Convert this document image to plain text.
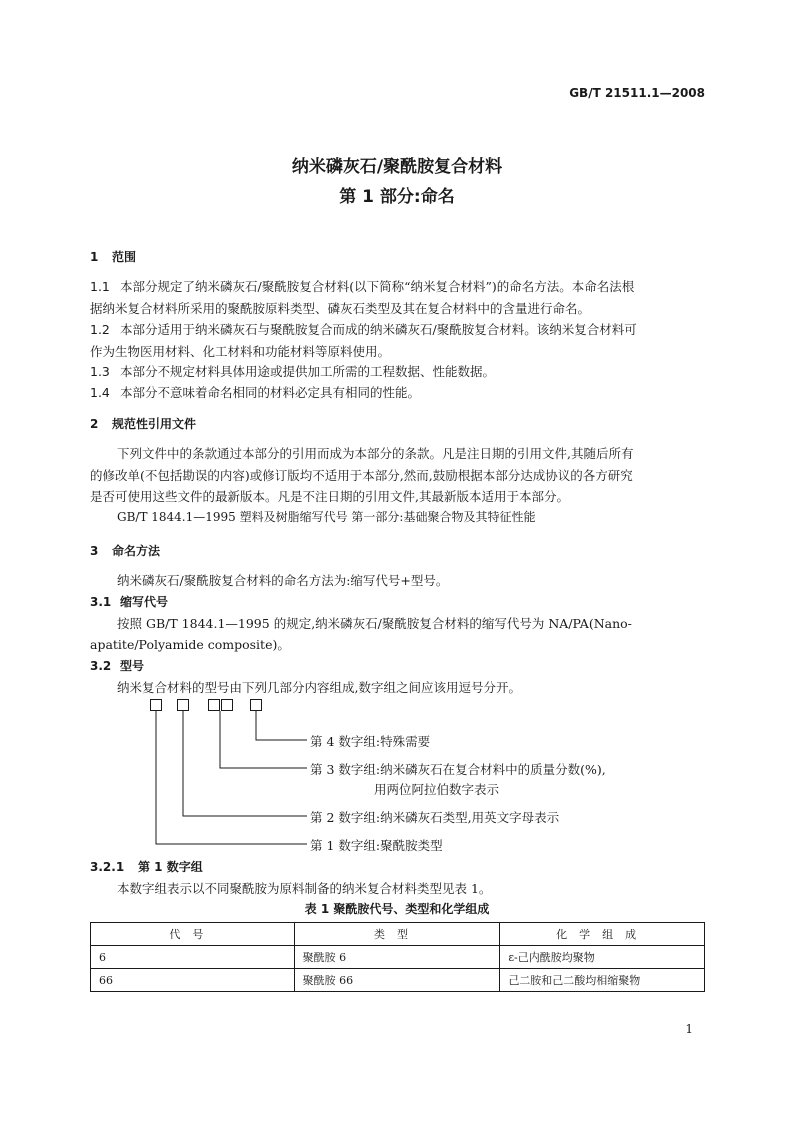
GB/T 21511.1—2008
纳米磷灰石/聚酰胺复合材料
第 1 部分:命名
1 范围
1.1 本部分规定了纳米磷灰石/聚酰胺复合材料(以下简称“纳米复合材料”)的命名方法。本命名法根
据纳米复合材料所采用的聚酰胺原料类型、磷灰石类型及其在复合材料中的含量进行命名。
1.2 本部分适用于纳米磷灰石与聚酰胺复合而成的纳米磷灰石/聚酰胺复合材料。该纳米复合材料可
作为生物医用材料、化工材料和功能材料等原料使用。
1.3 本部分不规定材料具体用途或提供加工所需的工程数据、性能数据。
1.4 本部分不意味着命名相同的材料必定具有相同的性能。
2 规范性引用文件
下列文件中的条款通过本部分的引用而成为本部分的条款。凡是注日期的引用文件,其随后所有
的修改单(不包括勘误的内容)或修订版均不适用于本部分,然而,鼓励根据本部分达成协议的各方研究
是否可使用这些文件的最新版本。凡是不注日期的引用文件,其最新版本适用于本部分。
GB/T 1844.1—1995 塑料及树脂缩写代号 第一部分:基础聚合物及其特征性能
3 命名方法
纳米磷灰石/聚酰胺复合材料的命名方法为:缩写代号+型号。
3.1 缩写代号
按照 GB/T 1844.1—1995 的规定,纳米磷灰石/聚酰胺复合材料的缩写代号为 NA/PA(Nano-
apatite/Polyamide composite)。
3.2 型号
纳米复合材料的型号由下列几部分内容组成,数字组之间应该用逗号分开。
第 4 数字组:特殊需要
第 3 数字组:纳米磷灰石在复合材料中的质量分数(%),
用两位阿拉伯数字表示
第 2 数字组:纳米磷灰石类型,用英文字母表示
第 1 数字组:聚酰胺类型
3.2.1 第 1 数字组
本数字组表示以不同聚酰胺为原料制备的纳米复合材料类型见表 1。
表 1 聚酰胺代号、类型和化学组成
代号	类型	化学组成
6	聚酰胺 6	ε-己内酰胺均聚物
66	聚酰胺 66	己二胺和己二酸均相缩聚物
1
